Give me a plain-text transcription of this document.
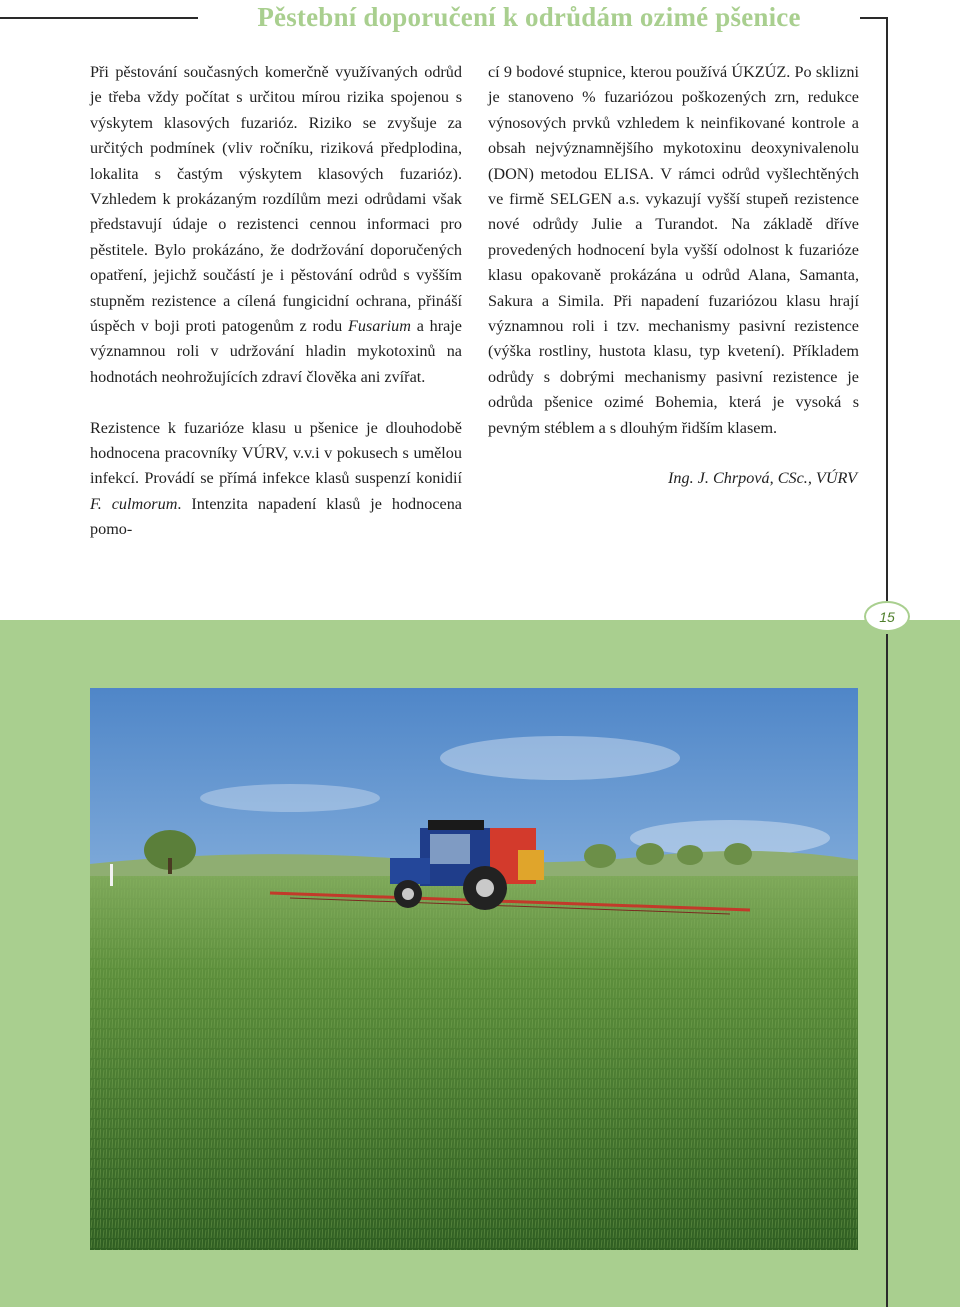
Pěstební doporučení k odrůdám ozimé pšenice

Při pěstování současných komerčně využívaných odrůd je třeba vždy počítat s určitou mírou rizika spojenou s výskytem klasových fuzarióz. Riziko se zvyšuje za určitých podmínek (vliv ročníku, riziková předplodina, lokalita s častým výskytem klasových fuzarióz). Vzhledem k prokázaným rozdílům mezi odrůdami však představují údaje o rezistenci cennou informaci pro pěstitele. Bylo prokázáno, že dodržování doporučených opatření, jejichž součástí je i pěstování odrůd s vyšším stupněm rezistence a cílená fungicidní ochrana, přináší úspěch v boji proti patogenům z rodu Fusarium a hraje významnou roli v udržování hladin mykotoxinů na hodnotách neohrožujících zdraví člověka ani zvířat.

Rezistence k fuzarióze klasu u pšenice je dlouhodobě hodnocena pracovníky VÚRV, v.v.i v pokusech s umělou infekcí. Provádí se přímá infekce klasů suspenzí konidií F. culmorum. Intenzita napadení klasů je hodnocena pomo-

cí 9 bodové stupnice, kterou používá ÚKZÚZ. Po sklizni je stanoveno % fuzariózou poškozených zrn, redukce výnosových prvků vzhledem k neinfikované kontrole a obsah nejvýznamnějšího mykotoxinu deoxynivalenolu (DON) metodou ELISA. V rámci odrůd vyšlechtěných ve firmě SELGEN a.s. vykazují vyšší stupeň rezistence nové odrůdy Julie a Turandot. Na základě dříve provedených hodnocení byla vyšší odolnost k fuzarióze klasu opakovaně prokázána u odrůd Alana, Samanta, Sakura a Simila. Při napadení fuzariózou klasu hrají významnou roli i tzv. mechanismy pasivní rezistence (výška rostliny, hustota klasu, typ kvetení). Příkladem odrůdy s dobrými mechanismy pasivní rezistence je odrůda pšenice ozimé Bohemia, která je vysoká s pevným stéblem a s dlouhým řidším klasem.

Ing. J. Chrpová, CSc., VÚRV

15
